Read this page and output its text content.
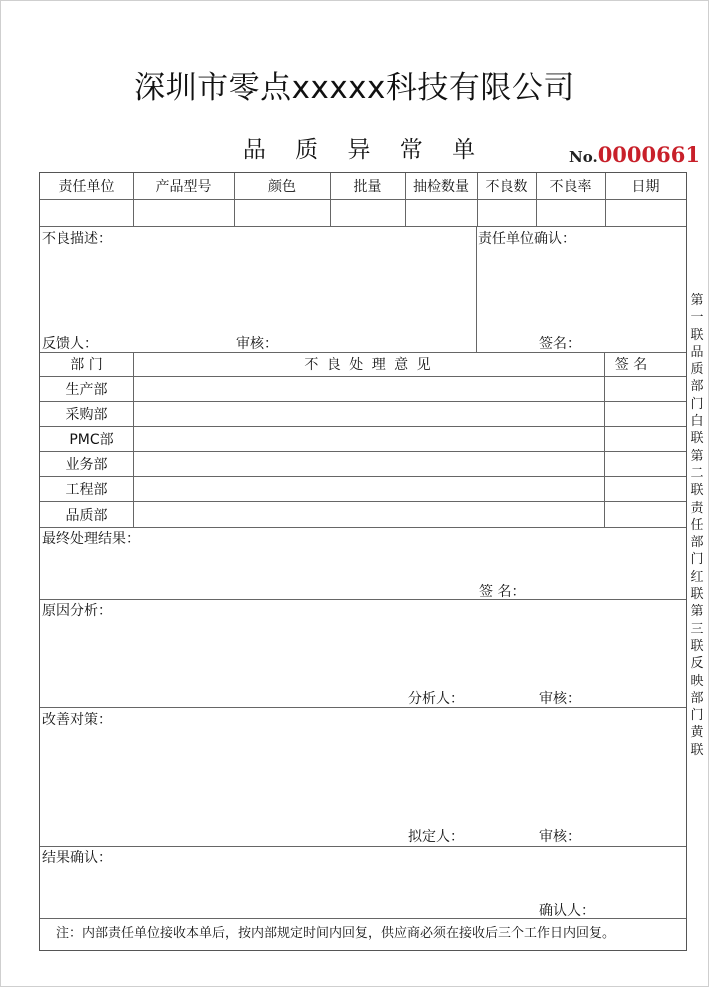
深圳市零点xxxxx科技有限公司
品 质 异 常 单	No.0000661
责任单位	产品型号	颜色	批量	抽检数量	不良数	不良率	日期
不良描述：	责任单位确认：
反馈人：	审核：	签名：
部 门	不 良 处 理 意 见	签 名
生产部
采购部
PMC部
业务部
工程部
品质部
最终处理结果：
签 名：
原因分析：
分析人：	审核：
改善对策：
拟定人：	审核：
结果确认：
确认人：
注：内部责任单位接收本单后，按内部规定时间内回复，供应商必须在接收后三个工作日内回复。
第
一
联
品
质
部
门
白
联
第
二
联
责
任
部
门
红
联
第
三
联
反
映
部
门
黄
联
